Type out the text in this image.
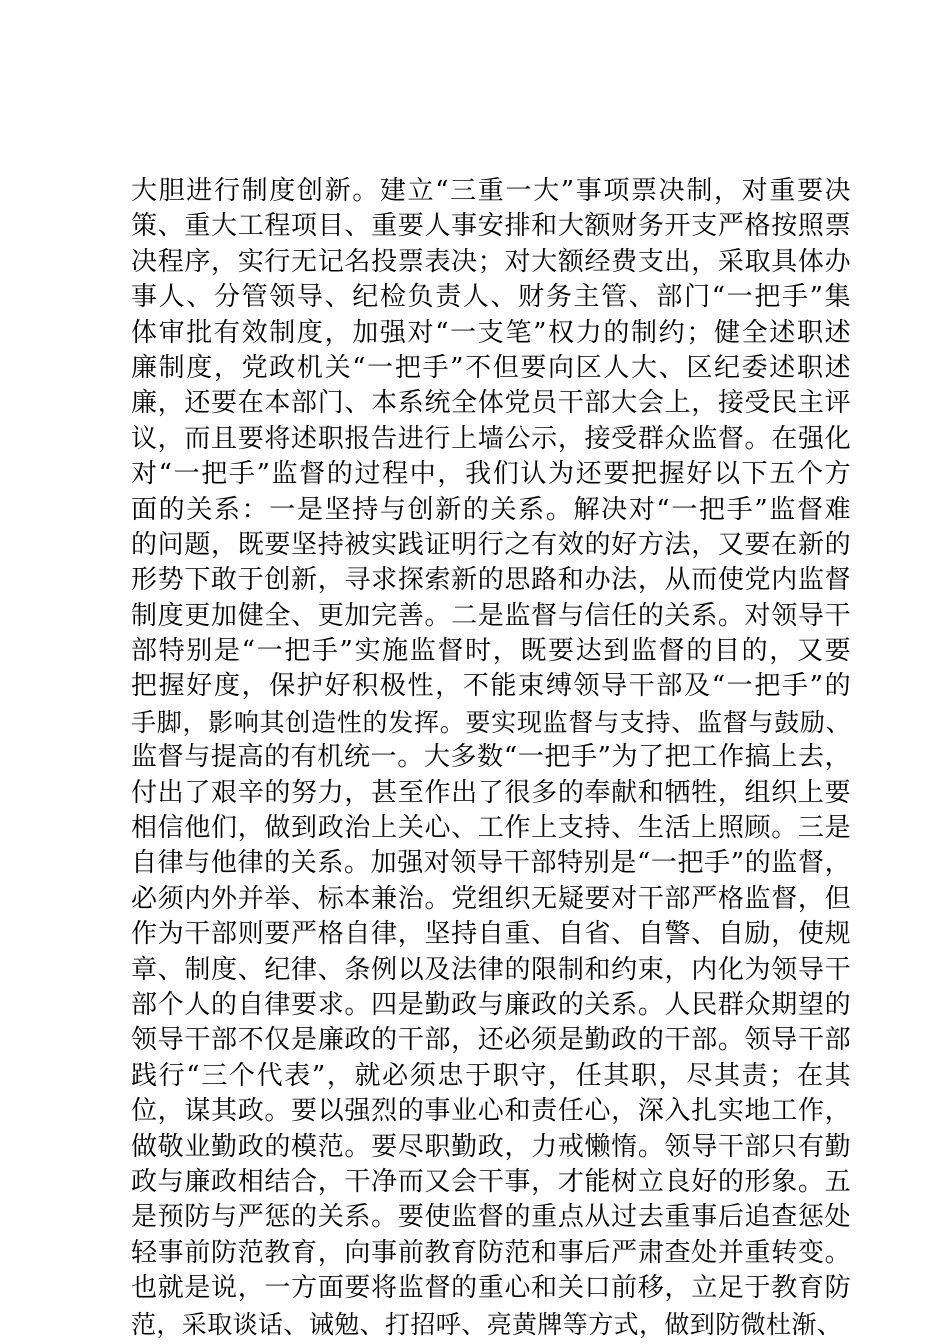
大胆进行制度创新。建立“三重一大”事项票决制，对重要决
策、重大工程项目、重要人事安排和大额财务开支严格按照票
决程序，实行无记名投票表决；对大额经费支出，采取具体办
事人、分管领导、纪检负责人、财务主管、部门“一把手”集
体审批有效制度，加强对“一支笔”权力的制约；健全述职述
廉制度，党政机关“一把手”不但要向区人大、区纪委述职述
廉，还要在本部门、本系统全体党员干部大会上，接受民主评
议，而且要将述职报告进行上墙公示，接受群众监督。在强化
对“一把手”监督的过程中，我们认为还要把握好以下五个方
面的关系：一是坚持与创新的关系。解决对“一把手”监督难
的问题，既要坚持被实践证明行之有效的好方法，又要在新的
形势下敢于创新，寻求探索新的思路和办法，从而使党内监督
制度更加健全、更加完善。二是监督与信任的关系。对领导干
部特别是“一把手”实施监督时，既要达到监督的目的，又要
把握好度，保护好积极性，不能束缚领导干部及“一把手”的
手脚，影响其创造性的发挥。要实现监督与支持、监督与鼓励、
监督与提高的有机统一。大多数“一把手”为了把工作搞上去，
付出了艰辛的努力，甚至作出了很多的奉献和牺牲，组织上要
相信他们，做到政治上关心、工作上支持、生活上照顾。三是
自律与他律的关系。加强对领导干部特别是“一把手”的监督，
必须内外并举、标本兼治。党组织无疑要对干部严格监督，但
作为干部则要严格自律，坚持自重、自省、自警、自励，使规
章、制度、纪律、条例以及法律的限制和约束，内化为领导干
部个人的自律要求。四是勤政与廉政的关系。人民群众期望的
领导干部不仅是廉政的干部，还必须是勤政的干部。领导干部
践行“三个代表”，就必须忠于职守，任其职，尽其责；在其
位，谋其政。要以强烈的事业心和责任心，深入扎实地工作，
做敬业勤政的模范。要尽职勤政，力戒懒惰。领导干部只有勤
政与廉政相结合，干净而又会干事，才能树立良好的形象。五
是预防与严惩的关系。要使监督的重点从过去重事后追查惩处
轻事前防范教育，向事前教育防范和事后严肃查处并重转变。
也就是说，一方面要将监督的重心和关口前移，立足于教育防
范，采取谈话、诫勉、打招呼、亮黄牌等方式，做到防微杜渐、
